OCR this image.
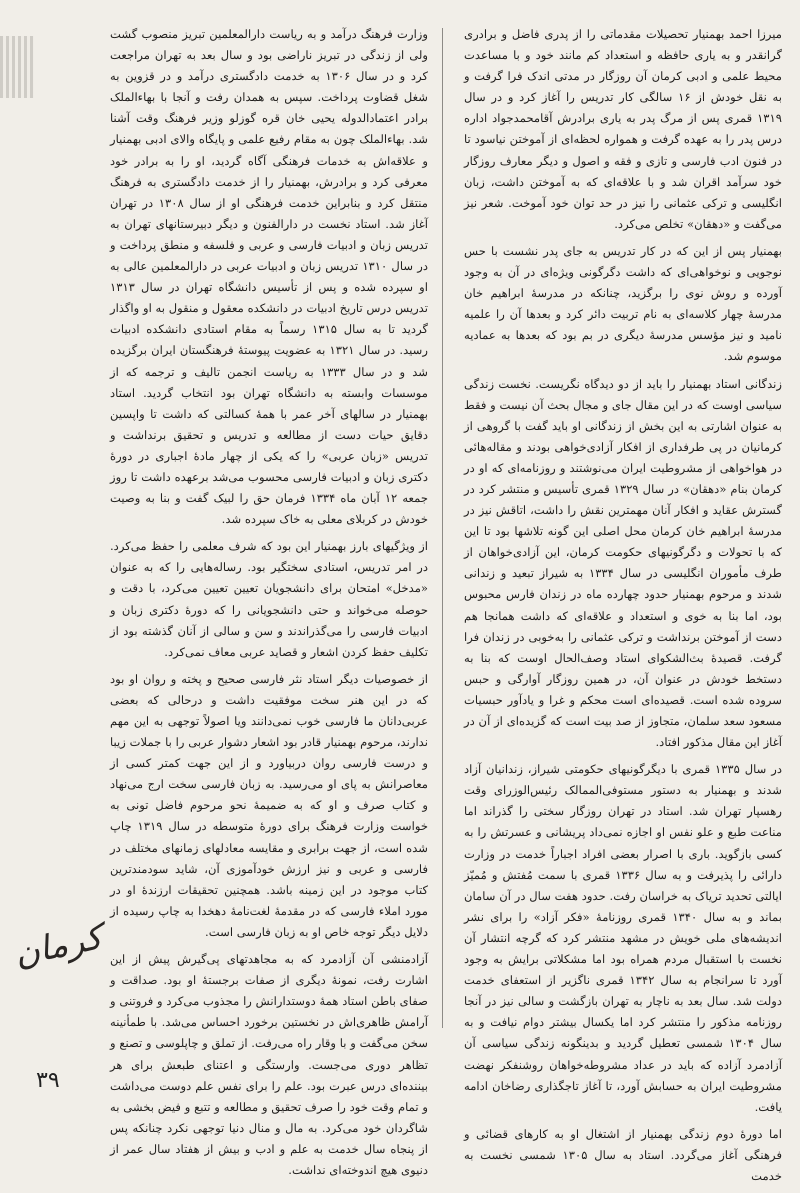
میرزا احمد بهمنیار تحصیلات مقدماتی را از پدری فاضل و برادری گرانقدر و به یاری حافظه و استعداد کم مانند خود و با مساعدت محیط علمی و ادبی کرمان آن روزگار در مدتی اندک فرا گرفت و به نقل خودش از ۱۶ سالگی کار تدریس را آغاز کرد و در سال ۱۳۱۹ قمری پس از مرگ پدر به یاری برادرش آقامحمدجواد اداره درس پدر را به عهده گرفت و همواره لحظه‌ای از آموختن نیاسود تا در فنون ادب فارسی و تازی و فقه و اصول و دیگر معارف روزگار خود سرآمد اقران شد و با علاقه‌ای که به آموختن داشت، زبان انگلیسی و ترکی عثمانی را نیز در حد توان خود آموخت. شعر نیز می‌گفت و «دهقان» تخلص می‌کرد.

بهمنیار پس از این که در کار تدریس به جای پدر نشست با حس نوجویی و نوخواهی‌ای که داشت دگرگونی ویژه‌ای در آن به وجود آورده و روش نوی را برگزید، چنانکه در مدرسهٔ ابراهیم خان مدرسهٔ چهار کلاسه‌ای به نام تربیت دائر کرد و بعدها آن را علمیه نامید و نیز مؤسس مدرسهٔ دیگری در بم بود که بعدها به عمادیه موسوم شد.

زندگانی استاد بهمنیار را باید از دو دیدگاه نگریست. نخست زندگی سیاسی اوست که در این مقال جای و مجال بحث آن نیست و فقط به عنوان اشارتی به این بخش از زندگانی او باید گفت با گروهی از کرمانیان در پی طرفداری از افکار آزادی‌خواهی بودند و مقاله‌هائی در هواخواهی از مشروطیت ایران می‌نوشتند و روزنامه‌ای که او در کرمان بنام «دهقان» در سال ۱۳۲۹ قمری تأسیس و منتشر کرد در گسترش عقاید و افکار آنان مهمترین نقش را داشت، اتاقش نیز در مدرسهٔ ابراهیم خان کرمان محل اصلی این گونه تلاشها بود تا این که با تحولات و دگرگونیهای حکومت کرمان، این آزادی‌خواهان از طرف مأموران انگلیسی در سال ۱۳۳۴ به شیراز تبعید و زندانی شدند و مرحوم بهمنیار حدود چهارده ماه در زندان فارس محبوس بود، اما بنا به خوی و استعداد و علاقه‌ای که داشت همانجا هم دست از آموختن برنداشت و ترکی عثمانی را به‌خوبی در زندان فرا گرفت. قصیدهٔ بث‌الشکوای استاد وصف‌الحال اوست که بنا به دستخط خودش در عنوان آن، در همین روزگار آوارگی و حبس سروده شده است. قصیده‌ای است محکم و غرا و یادآور حبسیات مسعود سعد سلمان، متجاوز از صد بیت است که گزیده‌ای از آن در آغاز این مقال مذکور افتاد.

در سال ۱۳۳۵ قمری با دیگرگونیهای حکومتی شیراز، زندانیان آزاد شدند و بهمنیار به دستور مستوفی‌الممالک رئیس‌الوزرای وقت رهسپار تهران شد. استاد در تهران روزگار سختی را گذراند اما مناعت طبع و علو نفس او اجازه نمی‌داد پریشانی و عسرتش را به کسی بازگوید. باری با اصرار بعضی افراد اجباراً خدمت در وزارت دارائی را پذیرفت و به سال ۱۳۳۶ قمری با سمت مُفتش و مُمیّز ایالتی تحدید تریاک به خراسان رفت. حدود هفت سال در آن سامان بماند و به سال ۱۳۴۰ قمری روزنامهٔ «فکر آزاد» را برای نشر اندیشه‌های ملی خویش در مشهد منتشر کرد که گرچه انتشار آن نخست با استقبال مردم همراه بود اما مشکلاتی برایش به وجود آورد تا سرانجام به سال ۱۳۴۲ قمری ناگزیر از استعفای خدمت دولت شد. سال بعد به ناچار به تهران بازگشت و سالی نیز در آنجا روزنامه مذکور را منتشر کرد اما یکسال بیشتر دوام نیافت و به سال ۱۳۰۴ شمسی تعطیل گردید و بدینگونه زندگی سیاسی آن آزادمرد آزاده که باید در عداد مشروطه‌خواهان روشنفکر نهضت مشروطیت ایران به حسابش آورد، تا آغاز تاجگذاری رضاخان ادامه یافت.

اما دورهٔ دوم زندگی بهمنیار از اشتغال او به کارهای قضائی و فرهنگی آغاز می‌گردد. استاد به سال ۱۳۰۵ شمسی نخست به خدمت

وزارت فرهنگ درآمد و به ریاست دارالمعلمین تبریز منصوب گشت ولی از زندگی در تبریز ناراضی بود و سال بعد به تهران مراجعت کرد و در سال ۱۳۰۶ به خدمت دادگستری درآمد و در قزوین به شغل قضاوت پرداخت. سپس به همدان رفت و آنجا با بهاءالملک برادر اعتمادالدوله یحیی خان قره گوزلو وزیر فرهنگ وقت آشنا شد. بهاءالملک چون به مقام رفیع علمی و پایگاه والای ادبی بهمنیار و علاقه‌اش به خدمات فرهنگی آگاه گردید، او را به برادر خود معرفی کرد و برادرش، بهمنیار را از خدمت دادگستری به فرهنگ منتقل کرد و بنابراین خدمت فرهنگی او از سال ۱۳۰۸ در تهران آغاز شد. استاد نخست در دارالفنون و دیگر دبیرستانهای تهران به تدریس زبان و ادبیات فارسی و عربی و فلسفه و منطق پرداخت و در سال ۱۳۱۰ تدریس زبان و ادبیات عربی در دارالمعلمین عالی به او سپرده شده و پس از تأسیس دانشگاه تهران در سال ۱۳۱۳ تدریس درس تاریخ ادبیات در دانشکده معقول و منقول به او واگذار گردید تا به سال ۱۳۱۵ رسماً به مقام استادی دانشکده ادبیات رسید. در سال ۱۳۲۱ به عضویت پیوستهٔ فرهنگستان ایران برگزیده شد و در سال ۱۳۳۳ به ریاست انجمن تالیف و ترجمه که از موسسات وابسته به دانشگاه تهران بود انتخاب گردید. استاد بهمنیار در سالهای آخر عمر با همهٔ کسالتی که داشت تا واپسین دقایق حیات دست از مطالعه و تدریس و تحقیق برنداشت و تدریس «زبان عربی» را که یکی از چهار مادهٔ اجباری در دورهٔ دکتری زبان و ادبیات فارسی محسوب می‌شد برعهده داشت تا روز جمعه ۱۲ آبان ماه ۱۳۳۴ فرمان حق را لبیک گفت و بنا به وصیت خودش در کربلای معلی به خاک سپرده شد.

از ویژگیهای بارز بهمنیار این بود که شرف معلمی را حفظ می‌کرد. در امر تدریس، استادی سختگیر بود. رساله‌هایی را که به عنوان «مدخل» امتحان برای دانشجویان تعیین تعیین می‌کرد، با دقت و حوصله می‌خواند و حتی دانشجویانی را که دورهٔ دکتری زبان و ادبیات فارسی را می‌گذراندند و سن و سالی از آنان گذشته بود از تکلیف حفظ کردن اشعار و قصاید عربی معاف نمی‌کرد.

از خصوصیات دیگر استاد نثر فارسی صحیح و پخته و روان او بود که در این هنر سخت موفقیت داشت و درحالی که بعضی عربی‌دانان ما فارسی خوب نمی‌دانند ویا اصولاً توجهی به این مهم ندارند، مرحوم بهمنیار قادر بود اشعار دشوار عربی را با جملات زیبا و درست فارسی روان دربیاورد و از این جهت کمتر کسی از معاصرانش به پای او می‌رسید. به زبان فارسی سخت ارج می‌نهاد و کتاب صرف و او که به ضمیمهٔ نحو مرحوم فاضل تونی به خواست وزارت فرهنگ برای دورهٔ متوسطه در سال ۱۳۱۹ چاپ شده است، از جهت برابری و مقایسه معادلهای زمانهای مختلف در فارسی و عربی و نیز ارزش خودآموزی آن، شاید سودمندترین کتاب موجود در این زمینه باشد. همچنین تحقیقات ارزندهٔ او در مورد املاء فارسی که در مقدمهٔ لغت‌نامهٔ دهخدا به چاپ رسیده از دلایل دیگر توجه خاص او به زبان فارسی است.

آزادمنشی آن آزادمرد که به مجاهدتهای پی‌گیرش پیش از این اشارت رفت، نمونهٔ دیگری از صفات برجستهٔ او بود. صداقت و صفای باطن استاد همهٔ دوستدارانش را مجذوب می‌کرد و فروتنی و آرامش ظاهری‌اش در نخستین برخورد احساس می‌شد. با طمأنینه سخن می‌گفت و با وقار راه می‌رفت. از تملق و چاپلوسی و تصنع و تظاهر دوری می‌جست. وارستگی و اعتنای طبعش برای هر بیننده‌ای درس عبرت بود. علم را برای نفس علم دوست می‌داشت و تمام وقت خود را صرف تحقیق و مطالعه و تتبع و فیض بخشی به شاگردان خود می‌کرد. به مال و منال دنیا توجهی نکرد چنانکه پس از پنجاه سال خدمت به علم و ادب و بیش از هفتاد سال عمر از دنیوی هیچ اندوخته‌ای نداشت.

کرمان
۳۹
